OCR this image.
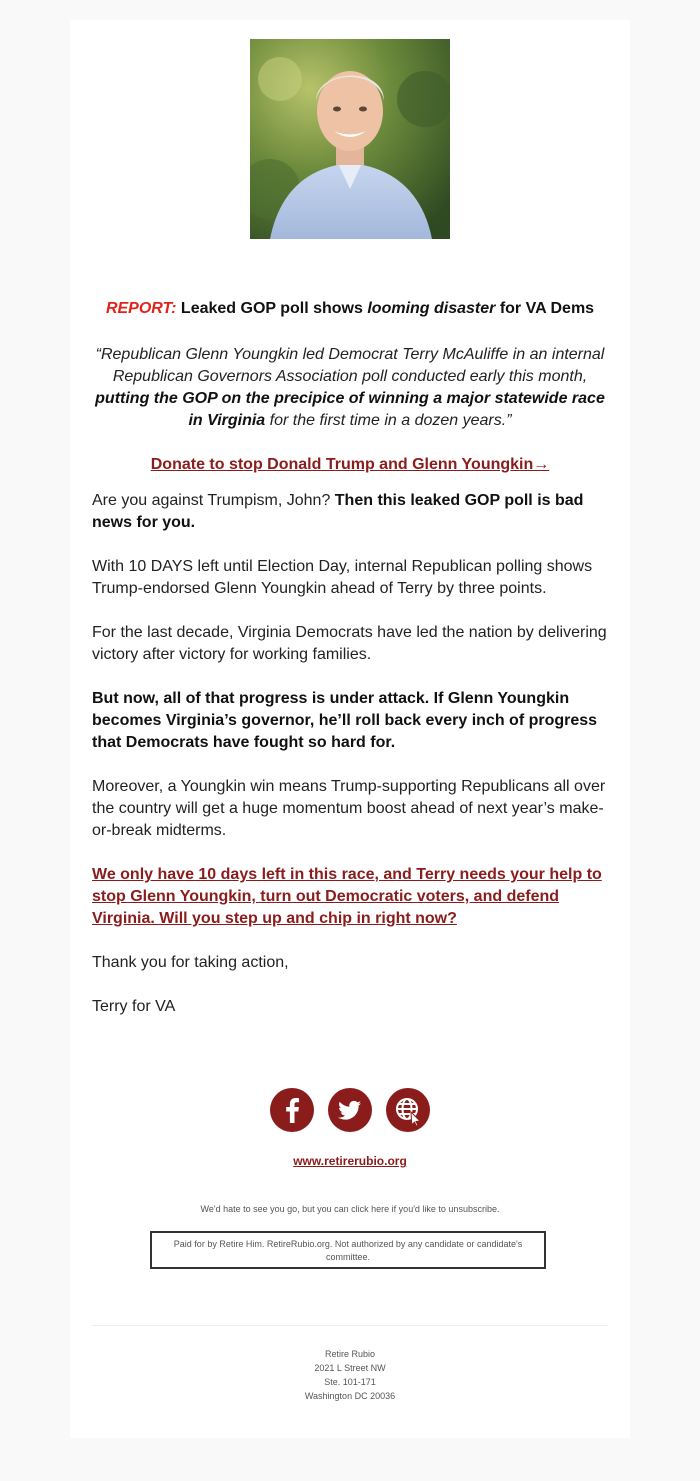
REPORT: Leaked GOP poll shows looming disaster for VA Dems
“Republican Glenn Youngkin led Democrat Terry McAuliffe in an internal Republican Governors Association poll conducted early this month, putting the GOP on the precipice of winning a major statewide race in Virginia for the first time in a dozen years.”
Donate to stop Donald Trump and Glenn Youngkin→
Are you against Trumpism, John? Then this leaked GOP poll is bad news for you.
With 10 DAYS left until Election Day, internal Republican polling shows Trump-endorsed Glenn Youngkin ahead of Terry by three points.
For the last decade, Virginia Democrats have led the nation by delivering victory after victory for working families.
But now, all of that progress is under attack. If Glenn Youngkin becomes Virginia’s governor, he’ll roll back every inch of progress that Democrats have fought so hard for.
Moreover, a Youngkin win means Trump-supporting Republicans all over the country will get a huge momentum boost ahead of next year’s make-or-break midterms.
We only have 10 days left in this race, and Terry needs your help to stop Glenn Youngkin, turn out Democratic voters, and defend Virginia. Will you step up and chip in right now?
Thank you for taking action,
Terry for VA
www.retirerubio.org
We'd hate to see you go, but you can click here if you'd like to unsubscribe.
Paid for by Retire Him. RetireRubio.org. Not authorized by any candidate or candidate's committee.
Retire Rubio
2021 L Street NW
Ste. 101-171
Washington DC 20036
